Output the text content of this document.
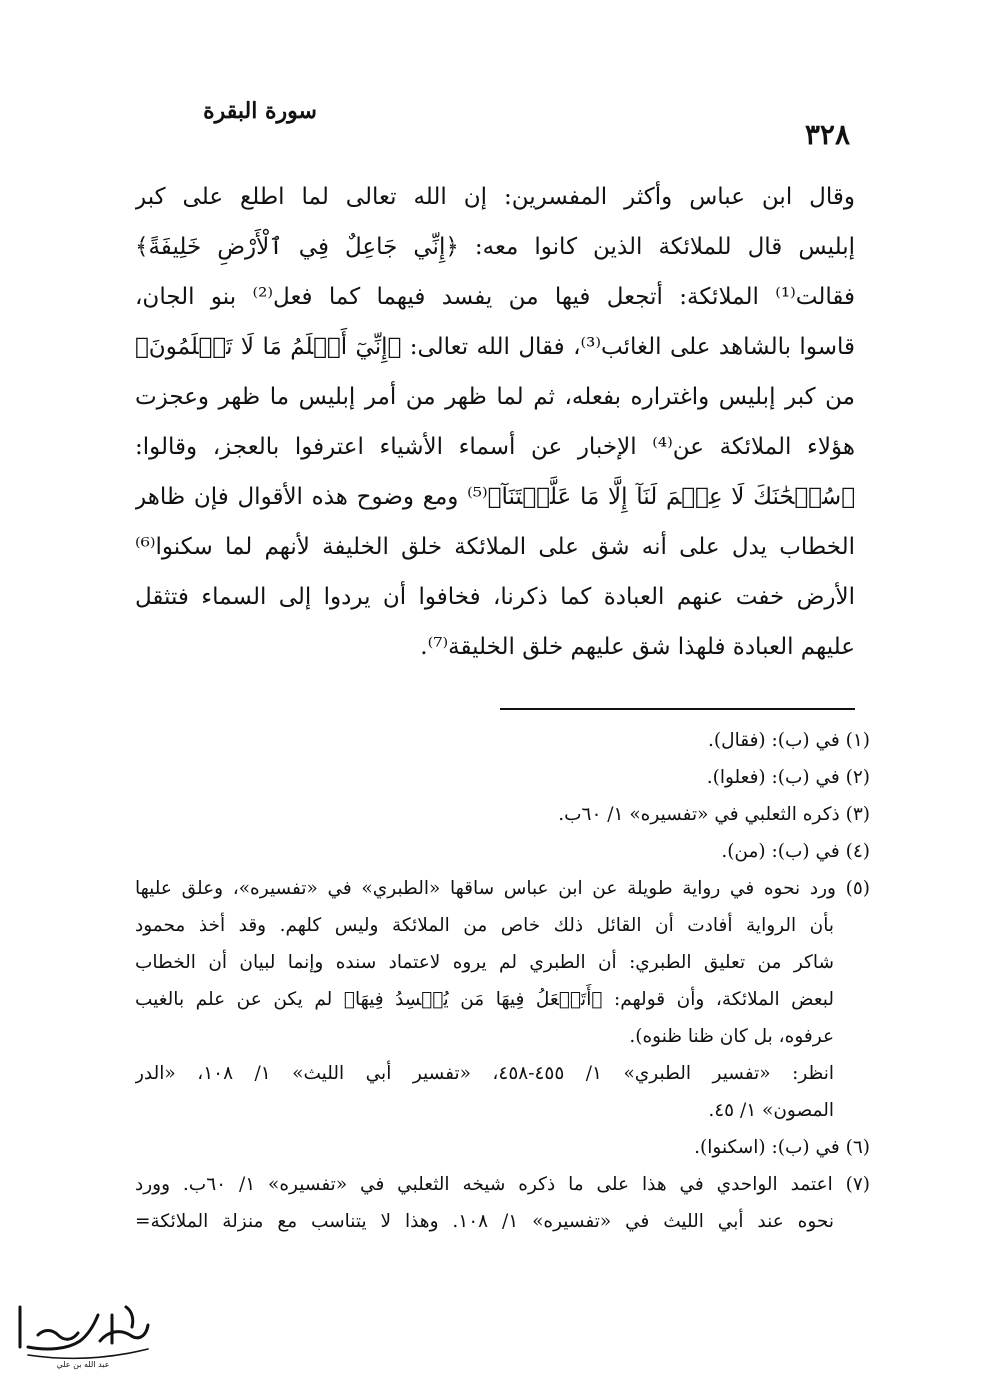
سورة البقرة
٣٢٨
وقال ابن عباس وأكثر المفسرين: إن الله تعالى لما اطلع على كبر
إبليس قال للملائكة الذين كانوا معه: ﴿إِنِّي جَاعِلٌ فِي ٱلْأَرْضِ خَلِيفَةً﴾
فقالت⁽¹⁾ الملائكة: أتجعل فيها من يفسد فيهما كما فعل⁽²⁾ بنو الجان،
قاسوا بالشاهد على الغائب⁽³⁾، فقال الله تعالى: ﴿إِنِّيٓ أَعۡلَمُ مَا لَا تَعۡلَمُونَ﴾
من كبر إبليس واغتراره بفعله، ثم لما ظهر من أمر إبليس ما ظهر وعجزت
هؤلاء الملائكة عن⁽⁴⁾ الإخبار عن أسماء الأشياء اعترفوا بالعجز، وقالوا:
﴿سُبۡحَٰنَكَ لَا عِلۡمَ لَنَآ إِلَّا مَا عَلَّمۡتَنَآ﴾⁽⁵⁾ ومع وضوح هذه الأقوال فإن ظاهر
الخطاب يدل على أنه شق على الملائكة خلق الخليفة لأنهم لما سكنوا⁽⁶⁾
الأرض خفت عنهم العبادة كما ذكرنا، فخافوا أن يردوا إلى السماء فتثقل
عليهم العبادة فلهذا شق عليهم خلق الخليقة⁽⁷⁾.
(١) في (ب): (فقال).
(٢) في (ب): (فعلوا).
(٣) ذكره الثعلبي في «تفسيره» ١/ ٦٠ب.
(٤) في (ب): (من).
(٥) ورد نحوه في رواية طويلة عن ابن عباس ساقها «الطبري» في «تفسيره»، وعلق عليها
بأن الرواية أفادت أن القائل ذلك خاص من الملائكة وليس كلهم. وقد أخذ محمود
شاكر من تعليق الطبري: أن الطبري لم يروه لاعتماد سنده وإنما لبيان أن الخطاب
لبعض الملائكة، وأن قولهم: ﴿أَتَجۡعَلُ فِيهَا مَن يُفۡسِدُ فِيهَا﴾ لم يكن عن علم بالغيب
عرفوه، بل كان ظنا ظنوه).
انظر: «تفسير الطبري» ١/ ٤٥٥-٤٥٨، «تفسير أبي الليث» ١/ ١٠٨، «الدر
المصون» ١/ ٤٥.
(٦) في (ب): (اسكنوا).
(٧) اعتمد الواحدي في هذا على ما ذكره شيخه الثعلبي في «تفسيره» ١/ ٦٠ب. وورد
نحوه عند أبي الليث في «تفسيره» ١/ ١٠٨. وهذا لا يتناسب مع منزلة الملائكة=
عبد الله بن علي
